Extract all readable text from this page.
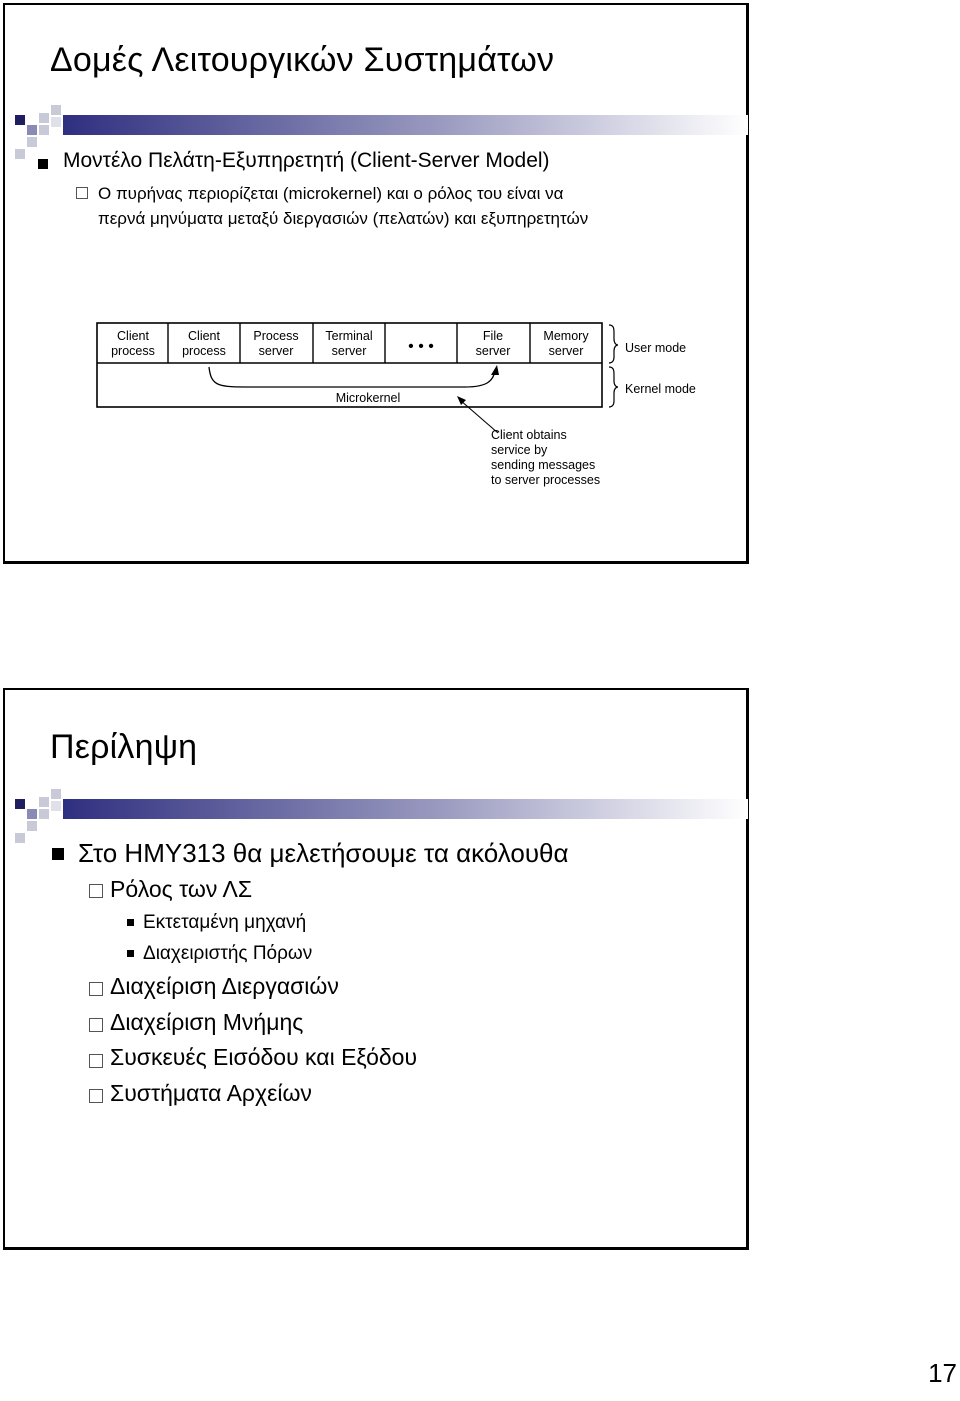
Δομές Λειτουργικών Συστημάτων
Μοντέλο Πελάτη-Εξυπηρετητή (Client-Server Model)
Ο πυρήνας περιορίζεται (microkernel) και ο ρόλος του είναι να
περνά μηνύματα μεταξύ διεργασιών (πελατών) και εξυπηρετητών
Client
process
Client
process
Process
server
Terminal
server	• • •
File
server
Memory
server
Microkernel
User mode
Kernel mode
Client obtains
service by
sending messages
to server processes
Περίληψη
Στο ΗΜΥ313 θα μελετήσουμε τα ακόλουθα
Ρόλος των ΛΣ
Εκτεταμένη μηχανή
Διαχειριστής Πόρων
Διαχείριση Διεργασιών
Διαχείριση Μνήμης
Συσκευές Εισόδου και Εξόδου
Συστήματα Αρχείων
17
